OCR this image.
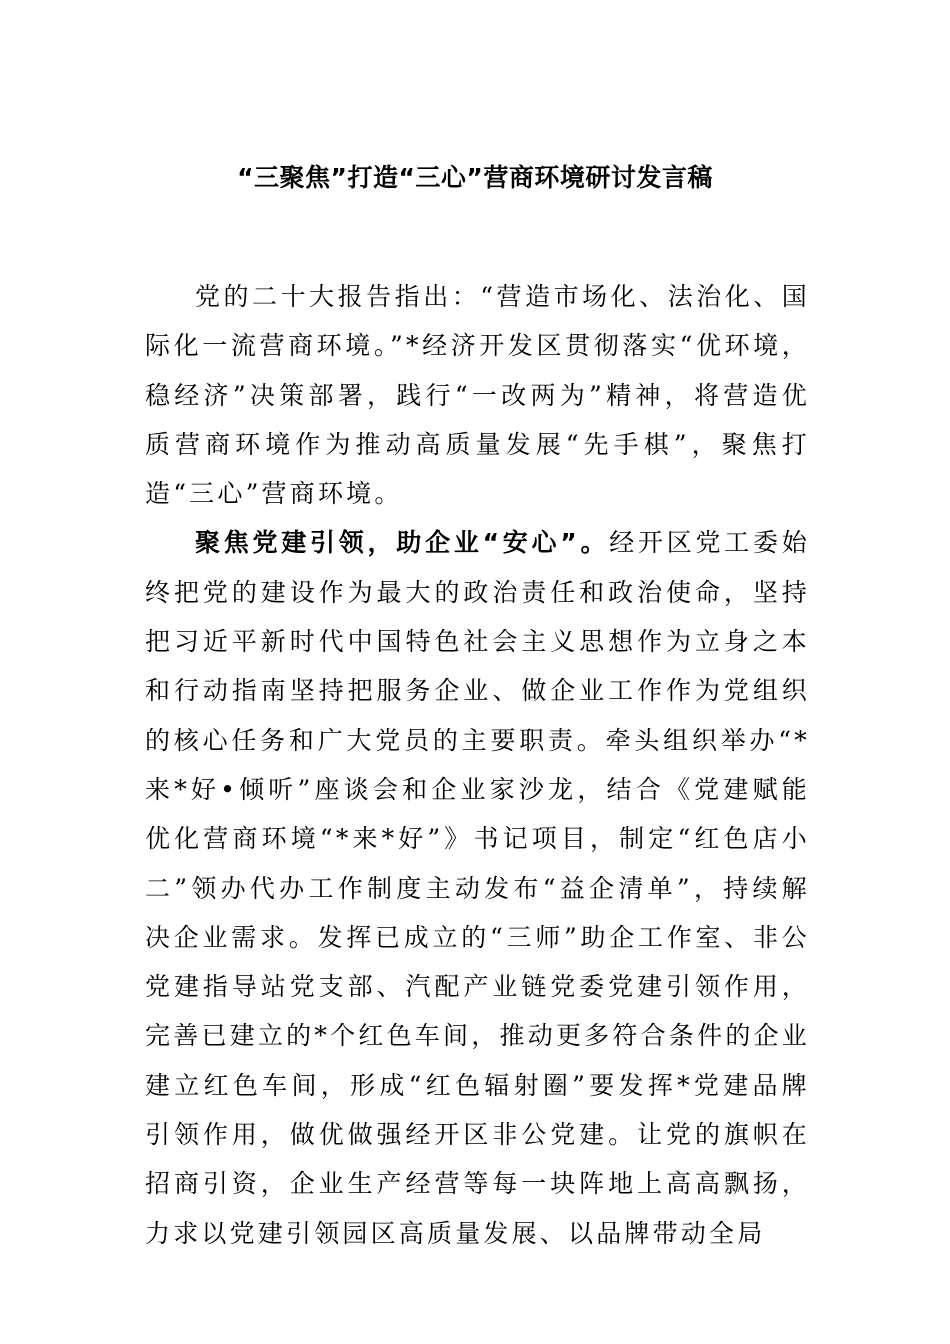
“三聚焦”打造“三心”营商环境研讨发言稿

党的二十大报告指出：“营造市场化、法治化、国际化一流营商环境。”*经济开发区贯彻落实“优环境，稳经济”决策部署，践行“一改两为”精神，将营造优质营商环境作为推动高质量发展“先手棋”，聚焦打造“三心”营商环境。

聚焦党建引领，助企业“安心”。经开区党工委始终把党的建设作为最大的政治责任和政治使命，坚持把习近平新时代中国特色社会主义思想作为立身之本和行动指南坚持把服务企业、做企业工作作为党组织的核心任务和广大党员的主要职责。牵头组织举办“*来*好•倾听”座谈会和企业家沙龙，结合《党建赋能优化营商环境“*来*好”》书记项目，制定“红色店小二”领办代办工作制度主动发布“益企清单”，持续解决企业需求。发挥已成立的“三师”助企工作室、非公党建指导站党支部、汽配产业链党委党建引领作用，完善已建立的*个红色车间，推动更多符合条件的企业建立红色车间，形成“红色辐射圈”要发挥*党建品牌引领作用，做优做强经开区非公党建。让党的旗帜在招商引资，企业生产经营等每一块阵地上高高飘扬，力求以党建引领园区高质量发展、以品牌带动全局
